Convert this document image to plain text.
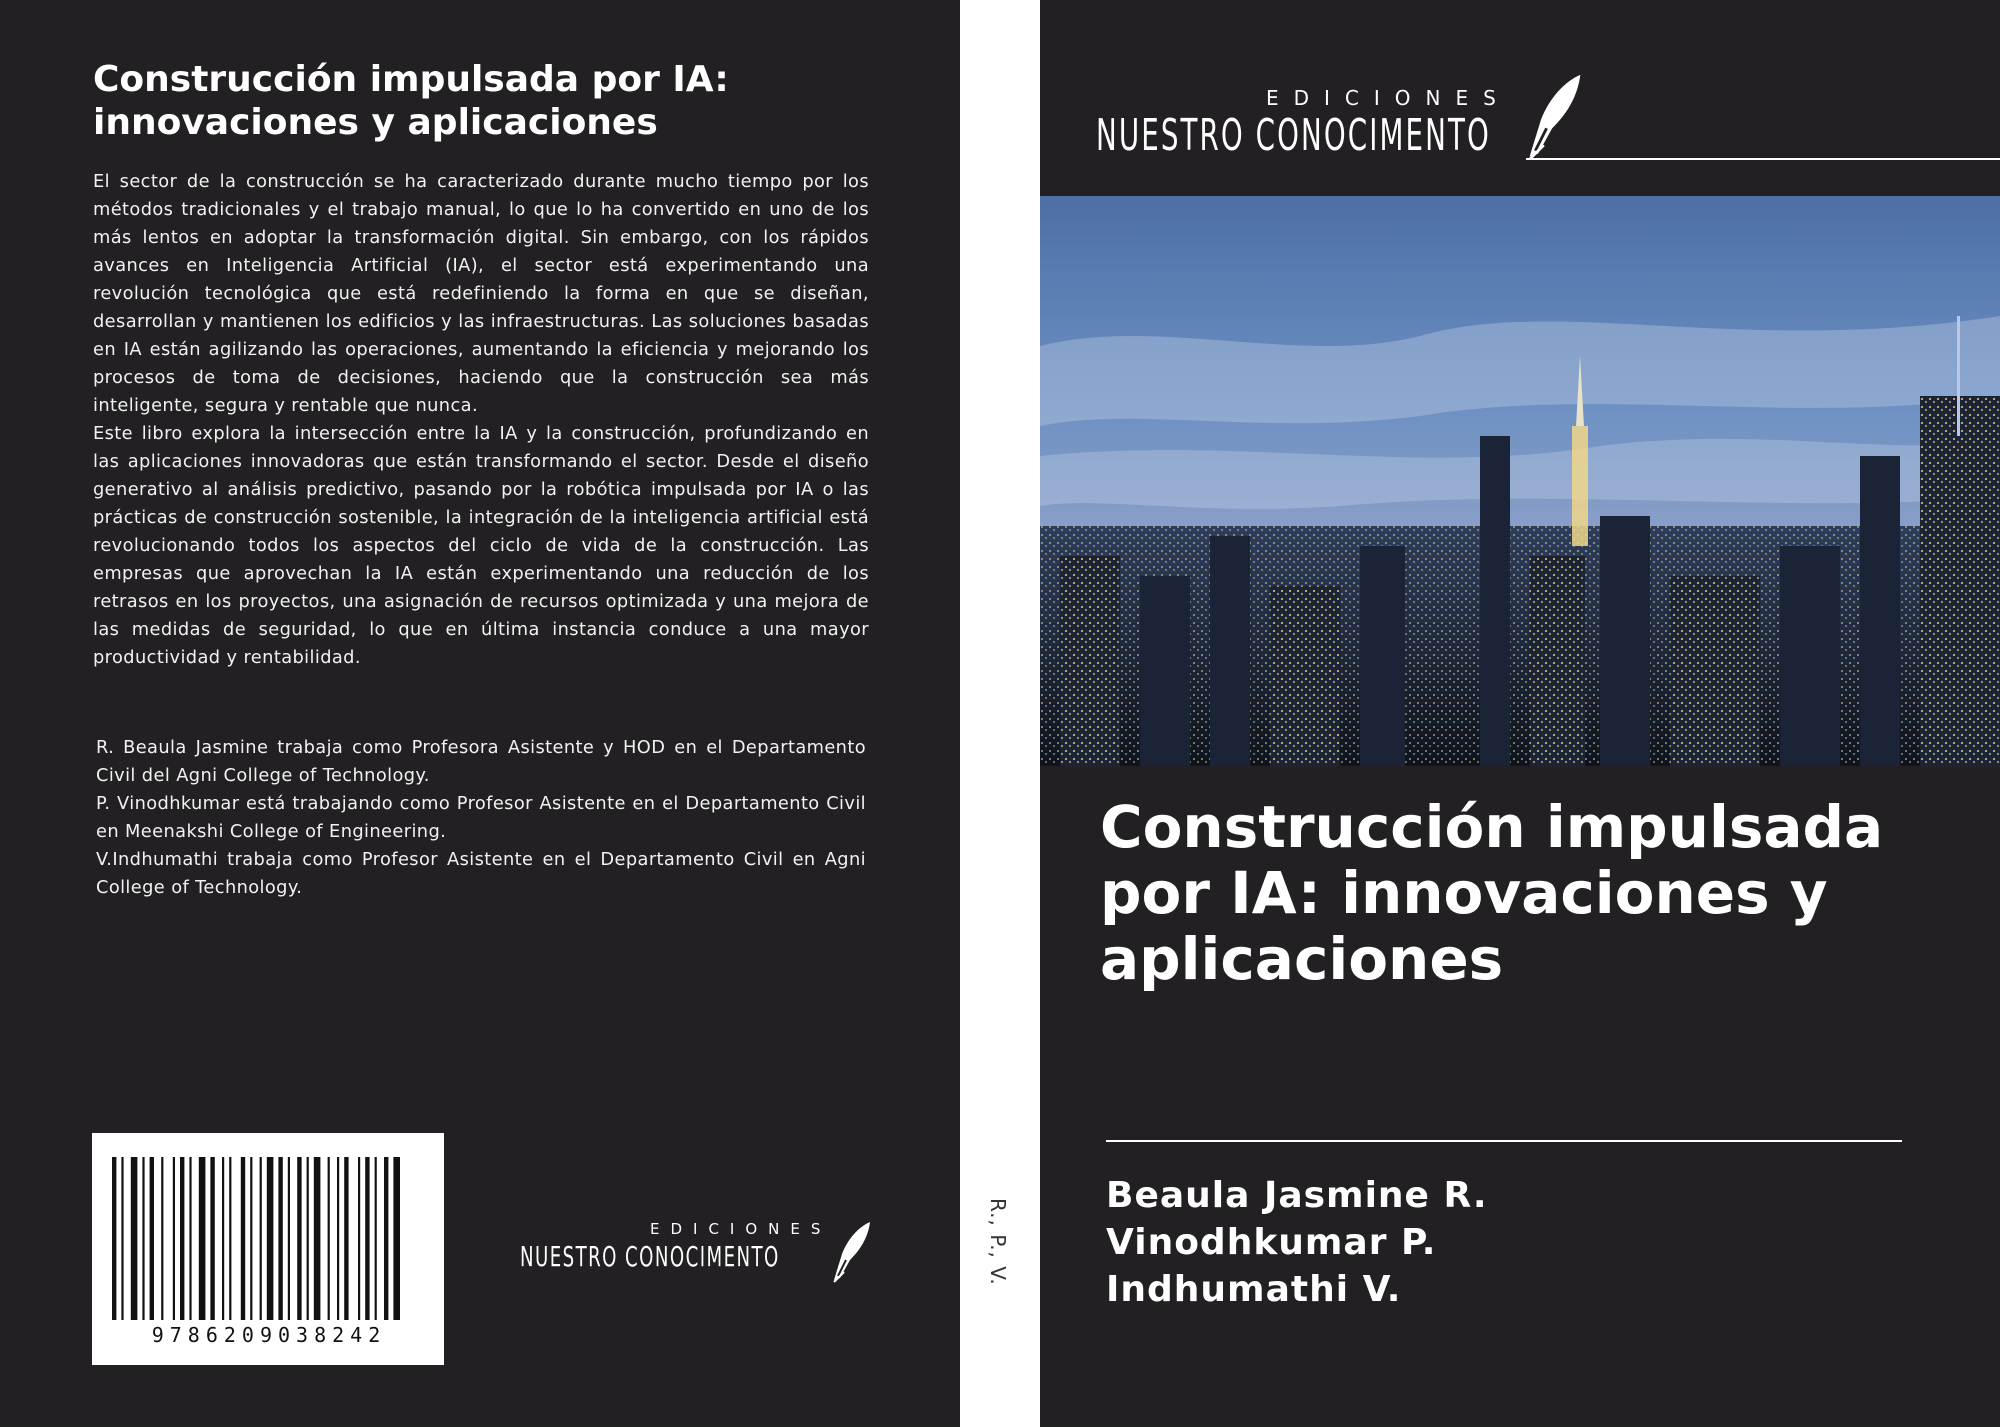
Construcción impulsada por IA: innovaciones y aplicaciones

El sector de la construcción se ha caracterizado durante mucho tiempo por los métodos tradicionales y el trabajo manual, lo que lo ha convertido en uno de los más lentos en adoptar la transformación digital. Sin embargo, con los rápidos avances en Inteligencia Artificial (IA), el sector está experimentando una revolución tecnológica que está redefiniendo la forma en que se diseñan, desarrollan y mantienen los edificios y las infraestructuras. Las soluciones basadas en IA están agilizando las operaciones, aumentando la eficiencia y mejorando los procesos de toma de decisiones, haciendo que la construcción sea más inteligente, segura y rentable que nunca.

Este libro explora la intersección entre la IA y la construcción, profundizando en las aplicaciones innovadoras que están transformando el sector. Desde el diseño generativo al análisis predictivo, pasando por la robótica impulsada por IA o las prácticas de construcción sostenible, la integración de la inteligencia artificial está revolucionando todos los aspectos del ciclo de vida de la construcción. Las empresas que aprovechan la IA están experimentando una reducción de los retrasos en los proyectos, una asignación de recursos optimizada y una mejora de las medidas de seguridad, lo que en última instancia conduce a una mayor productividad y rentabilidad.

R. Beaula Jasmine trabaja como Profesora Asistente y HOD en el Departamento Civil del Agni College of Technology.

P. Vinodhkumar está trabajando como Profesor Asistente en el Departamento Civil en Meenakshi College of Engineering.

V.Indhumathi trabaja como Profesor Asistente en el Departamento Civil en Agni College of Technology.

9786209038242
EDICIONES
NUESTRO CONOCIMENTO	R., P., V.
EDICIONES
NUESTRO CONOCIMENTO
Construcción impulsada por IA: innovaciones y aplicaciones
Beaula Jasmine R.
Vinodhkumar P.
Indhumathi V.
